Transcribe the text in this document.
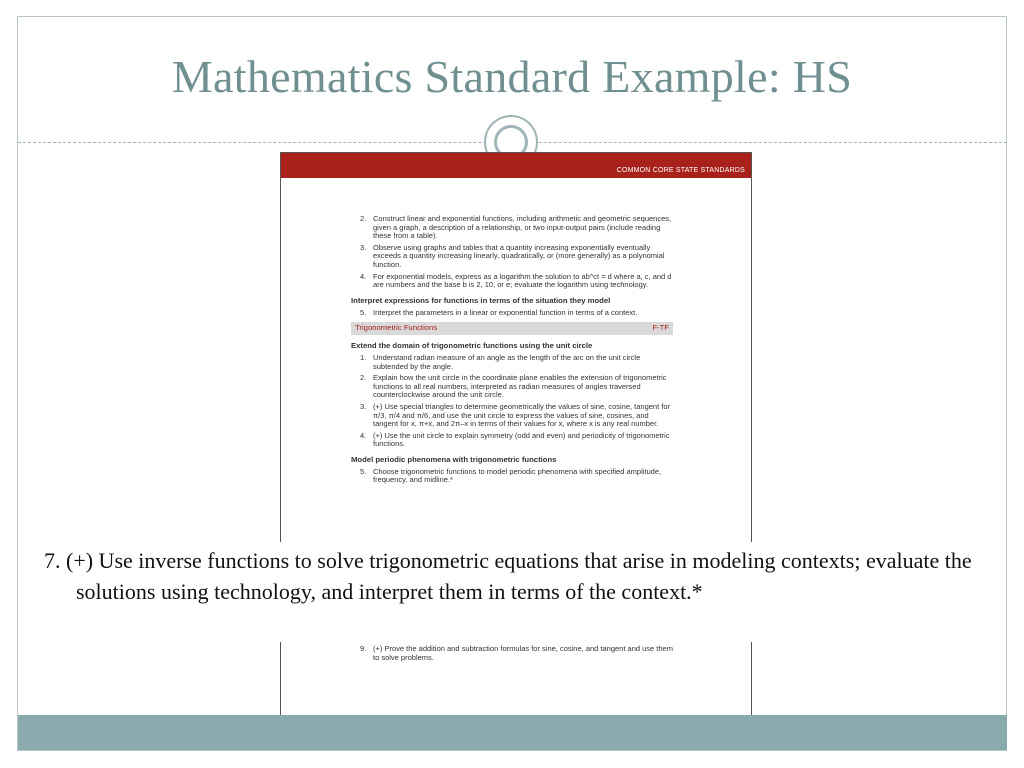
Mathematics Standard Example: HS
COMMON CORE STATE STANDARDS
2. Construct linear and exponential functions, including arithmetic and geometric sequences, given a graph, a description of a relationship, or two input-output pairs (include reading these from a table).
3. Observe using graphs and tables that a quantity increasing exponentially eventually exceeds a quantity increasing linearly, quadratically, or (more generally) as a polynomial function.
4. For exponential models, express as a logarithm the solution to ab^ct = d where a, c, and d are numbers and the base b is 2, 10, or e; evaluate the logarithm using technology.
Interpret expressions for functions in terms of the situation they model
5. Interpret the parameters in a linear or exponential function in terms of a context.
Trigonometric Functions	F-TF
Extend the domain of trigonometric functions using the unit circle
1. Understand radian measure of an angle as the length of the arc on the unit circle subtended by the angle.
2. Explain how the unit circle in the coordinate plane enables the extension of trigonometric functions to all real numbers, interpreted as radian measures of angles traversed counterclockwise around the unit circle.
3. (+) Use special triangles to determine geometrically the values of sine, cosine, tangent for π/3, π/4 and π/6, and use the unit circle to express the values of sine, cosines, and tangent for x, π+x, and 2π–x in terms of their values for x, where x is any real number.
4. (+) Use the unit circle to explain symmetry (odd and even) and periodicity of trigonometric functions.
Model periodic phenomena with trigonometric functions
5. Choose trigonometric functions to model periodic phenomena with specified amplitude, frequency, and midline.*
9. (+) Prove the addition and subtraction formulas for sine, cosine, and tangent and use them to solve problems.

7. (+) Use inverse functions to solve trigonometric equations that arise in modeling contexts; evaluate the solutions using technology, and interpret them in terms of the context.*
